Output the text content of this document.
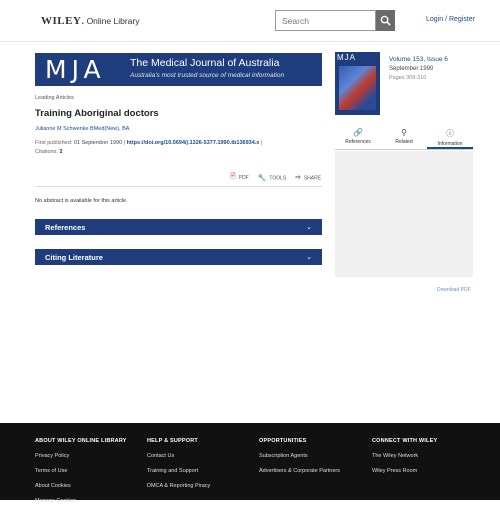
WILEY. Online Library
Search	Login / Register
MJA The Medical Journal of Australia
Australia's most trusted source of medical information
Leading Articles
Training Aboriginal doctors
Julianne M Schwenke BMed(New), BA
First published: 01 September 1990 | https://doi.org/10.5694/j.1326-5377.1990.tb136934.x |
Citations: 2
🗎 PDF 🔧 TOOLS ⥤ SHARE
No abstract is available for this article.
References	⌄
Citing Literature	⌄
MJA	Volume 153, Issue 6
September 1990
Pages 309-310
🔗
References
⚲
Related
ⓘ
Information
Download PDF
ABOUT WILEY ONLINE LIBRARY
Privacy Policy
Terms of Use
About Cookies
Manage Cookies
HELP & SUPPORT
Contact Us
Training and Support
DMCA & Reporting Piracy
OPPORTUNITIES
Subscription Agents
Advertisers & Corporate Partners
CONNECT WITH WILEY
The Wiley Network
Wiley Press Room
